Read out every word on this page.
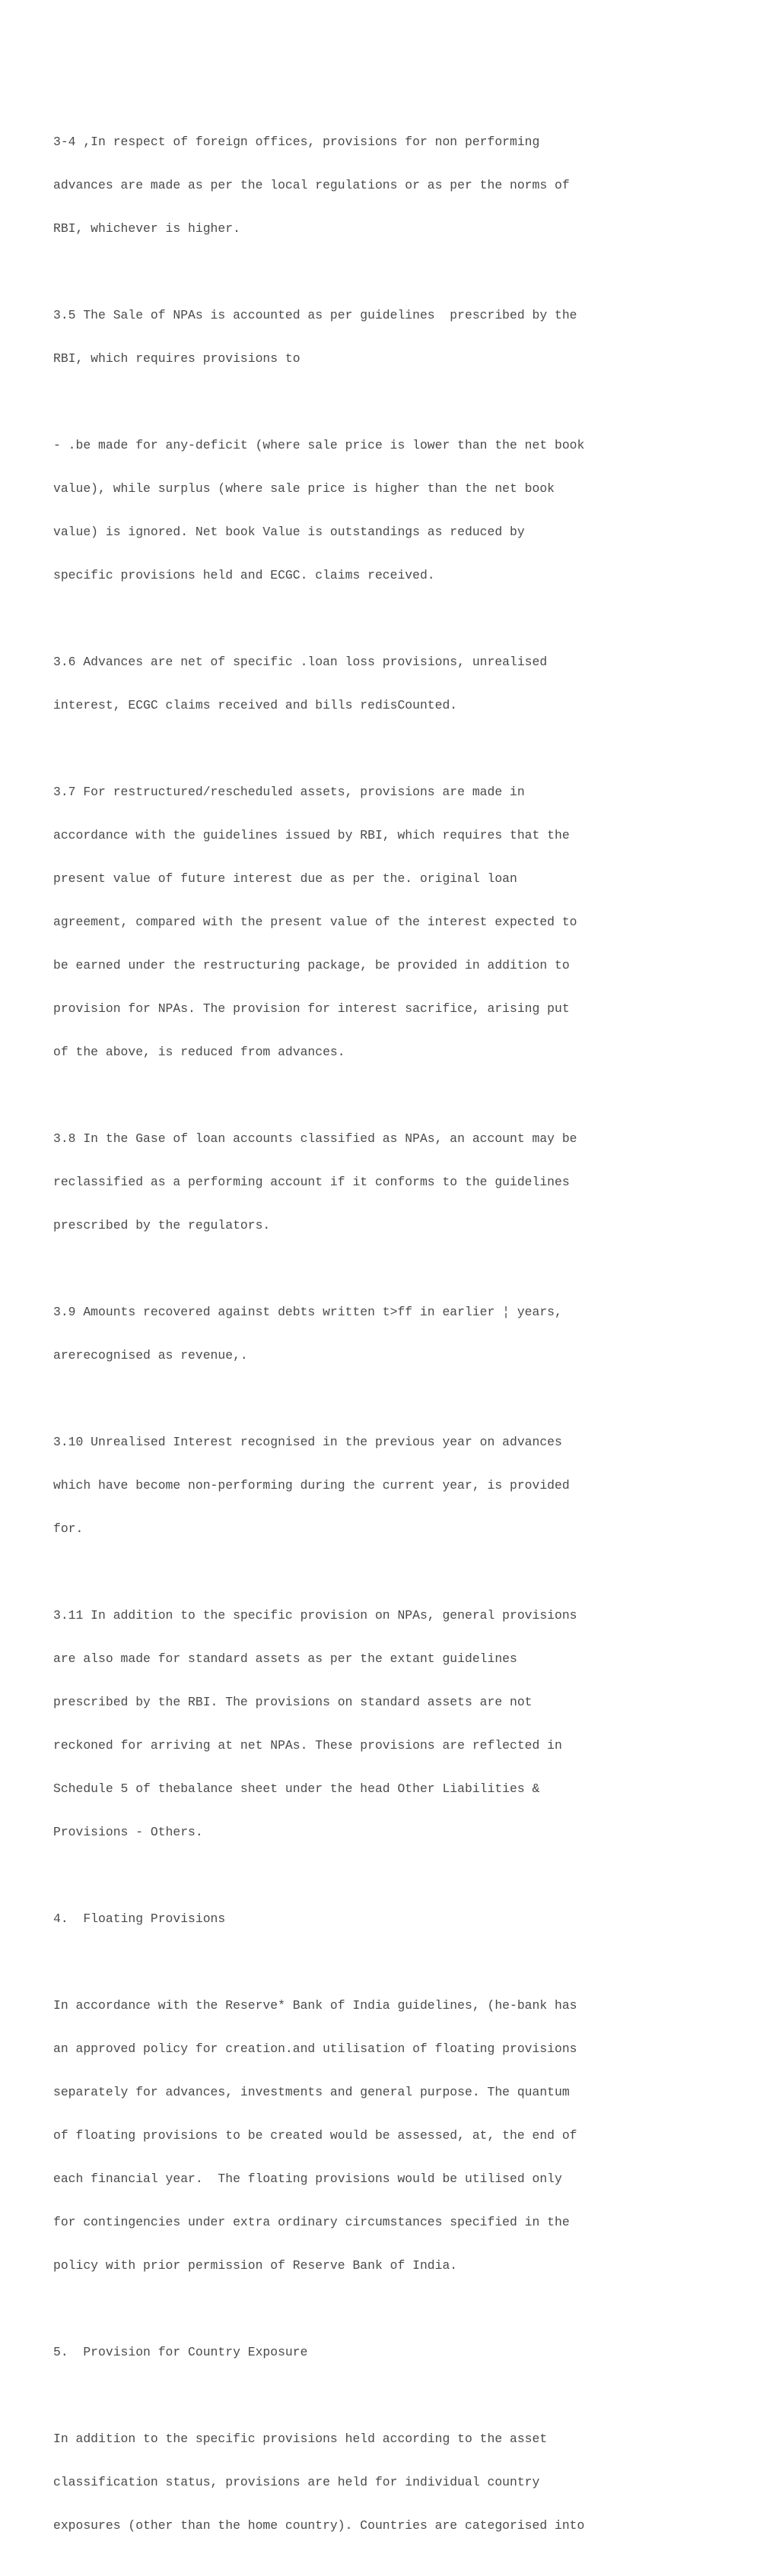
3-4 ,In respect of foreign offices, provisions for non performing

advances are made as per the local regulations or as per the norms of

RBI, whichever is higher.

3.5 The Sale of NPAs is accounted as per guidelines  prescribed by the

RBI, which requires provisions to

- .be made for any-deficit (where sale price is lower than the net book

value), while surplus (where sale price is higher than the net book

value) is ignored. Net book Value is outstandings as reduced by

specific provisions held and ECGC. claims received.

3.6 Advances are net of specific .loan loss provisions, unrealised

interest, ECGC claims received and bills redisCounted.

3.7 For restructured/rescheduled assets, provisions are made in

accordance with the guidelines issued by RBI, which requires that the

present value of future interest due as per the. original loan

agreement, compared with the present value of the interest expected to

be earned under the restructuring package, be provided in addition to

provision for NPAs. The provision for interest sacrifice, arising put

of the above, is reduced from advances.

3.8 In the Gase of loan accounts classified as NPAs, an account may be

reclassified as a performing account if it conforms to the guidelines

prescribed by the regulators.

3.9 Amounts recovered against debts written t>ff in earlier ¦ years,

arerecognised as revenue,.

3.10 Unrealised Interest recognised in the previous year on advances

which have become non-performing during the current year, is provided

for.

3.11 In addition to the specific provision on NPAs, general provisions

are also made for standard assets as per the extant guidelines

prescribed by the RBI. The provisions on standard assets are not

reckoned for arriving at net NPAs. These provisions are reflected in

Schedule 5 of thebalance sheet under the head Other Liabilities &

Provisions - Others.

4.  Floating Provisions

In accordance with the Reserve* Bank of India guidelines, (he-bank has

an approved policy for creation.and utilisation of floating provisions

separately for advances, investments and general purpose. The quantum

of floating provisions to be created would be assessed, at, the end of

each financial year.  The floating provisions would be utilised only

for contingencies under extra ordinary circumstances specified in the

policy with prior permission of Reserve Bank of India.

5.  Provision for Country Exposure

In addition to the specific provisions held according to the asset

classification status, provisions are held for individual country

exposures (other than the home country). Countries are categorised into
